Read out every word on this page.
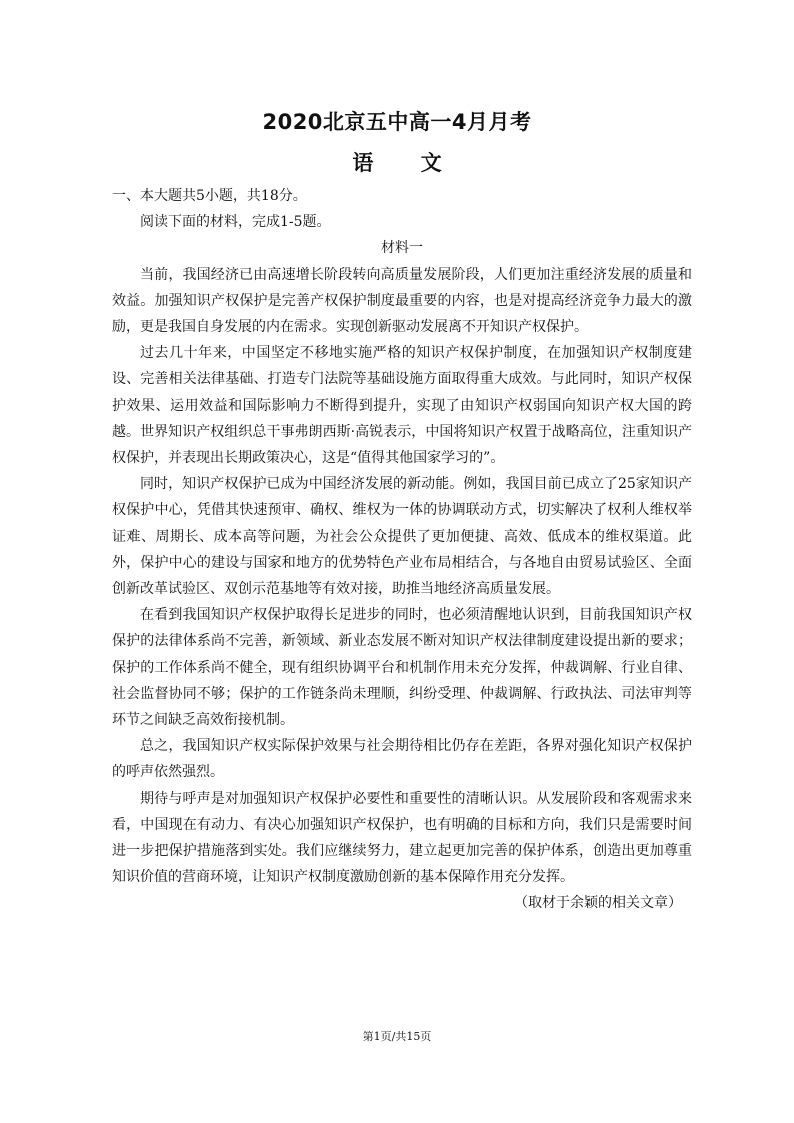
2020北京五中高一4月月考
语 文

一、本大题共5小题，共18分。

阅读下面的材料，完成1-5题。

材料一

当前，我国经济已由高速增长阶段转向高质量发展阶段，人们更加注重经济发展的质量和效益。加强知识产权保护是完善产权保护制度最重要的内容，也是对提高经济竞争力最大的激励，更是我国自身发展的内在需求。实现创新驱动发展离不开知识产权保护。

过去几十年来，中国坚定不移地实施严格的知识产权保护制度，在加强知识产权制度建设、完善相关法律基础、打造专门法院等基础设施方面取得重大成效。与此同时，知识产权保护效果、运用效益和国际影响力不断得到提升，实现了由知识产权弱国向知识产权大国的跨越。世界知识产权组织总干事弗朗西斯·高锐表示，中国将知识产权置于战略高位，注重知识产权保护，并表现出长期政策决心，这是“值得其他国家学习的”。

同时，知识产权保护已成为中国经济发展的新动能。例如，我国目前已成立了25家知识产权保护中心，凭借其快速预审、确权、维权为一体的协调联动方式，切实解决了权利人维权举证难、周期长、成本高等问题，为社会公众提供了更加便捷、高效、低成本的维权渠道。此外，保护中心的建设与国家和地方的优势特色产业布局相结合，与各地自由贸易试验区、全面创新改革试验区、双创示范基地等有效对接，助推当地经济高质量发展。

在看到我国知识产权保护取得长足进步的同时，也必须清醒地认识到，目前我国知识产权保护的法律体系尚不完善，新领域、新业态发展不断对知识产权法律制度建设提出新的要求；保护的工作体系尚不健全，现有组织协调平台和机制作用未充分发挥，仲裁调解、行业自律、社会监督协同不够；保护的工作链条尚未理顺，纠纷受理、仲裁调解、行政执法、司法审判等环节之间缺乏高效衔接机制。

总之，我国知识产权实际保护效果与社会期待相比仍存在差距，各界对强化知识产权保护的呼声依然强烈。

期待与呼声是对加强知识产权保护必要性和重要性的清晰认识。从发展阶段和客观需求来看，中国现在有动力、有决心加强知识产权保护，也有明确的目标和方向，我们只是需要时间进一步把保护措施落到实处。我们应继续努力，建立起更加完善的保护体系，创造出更加尊重知识价值的营商环境，让知识产权制度激励创新的基本保障作用充分发挥。

（取材于余颖的相关文章）

第1页/共15页
